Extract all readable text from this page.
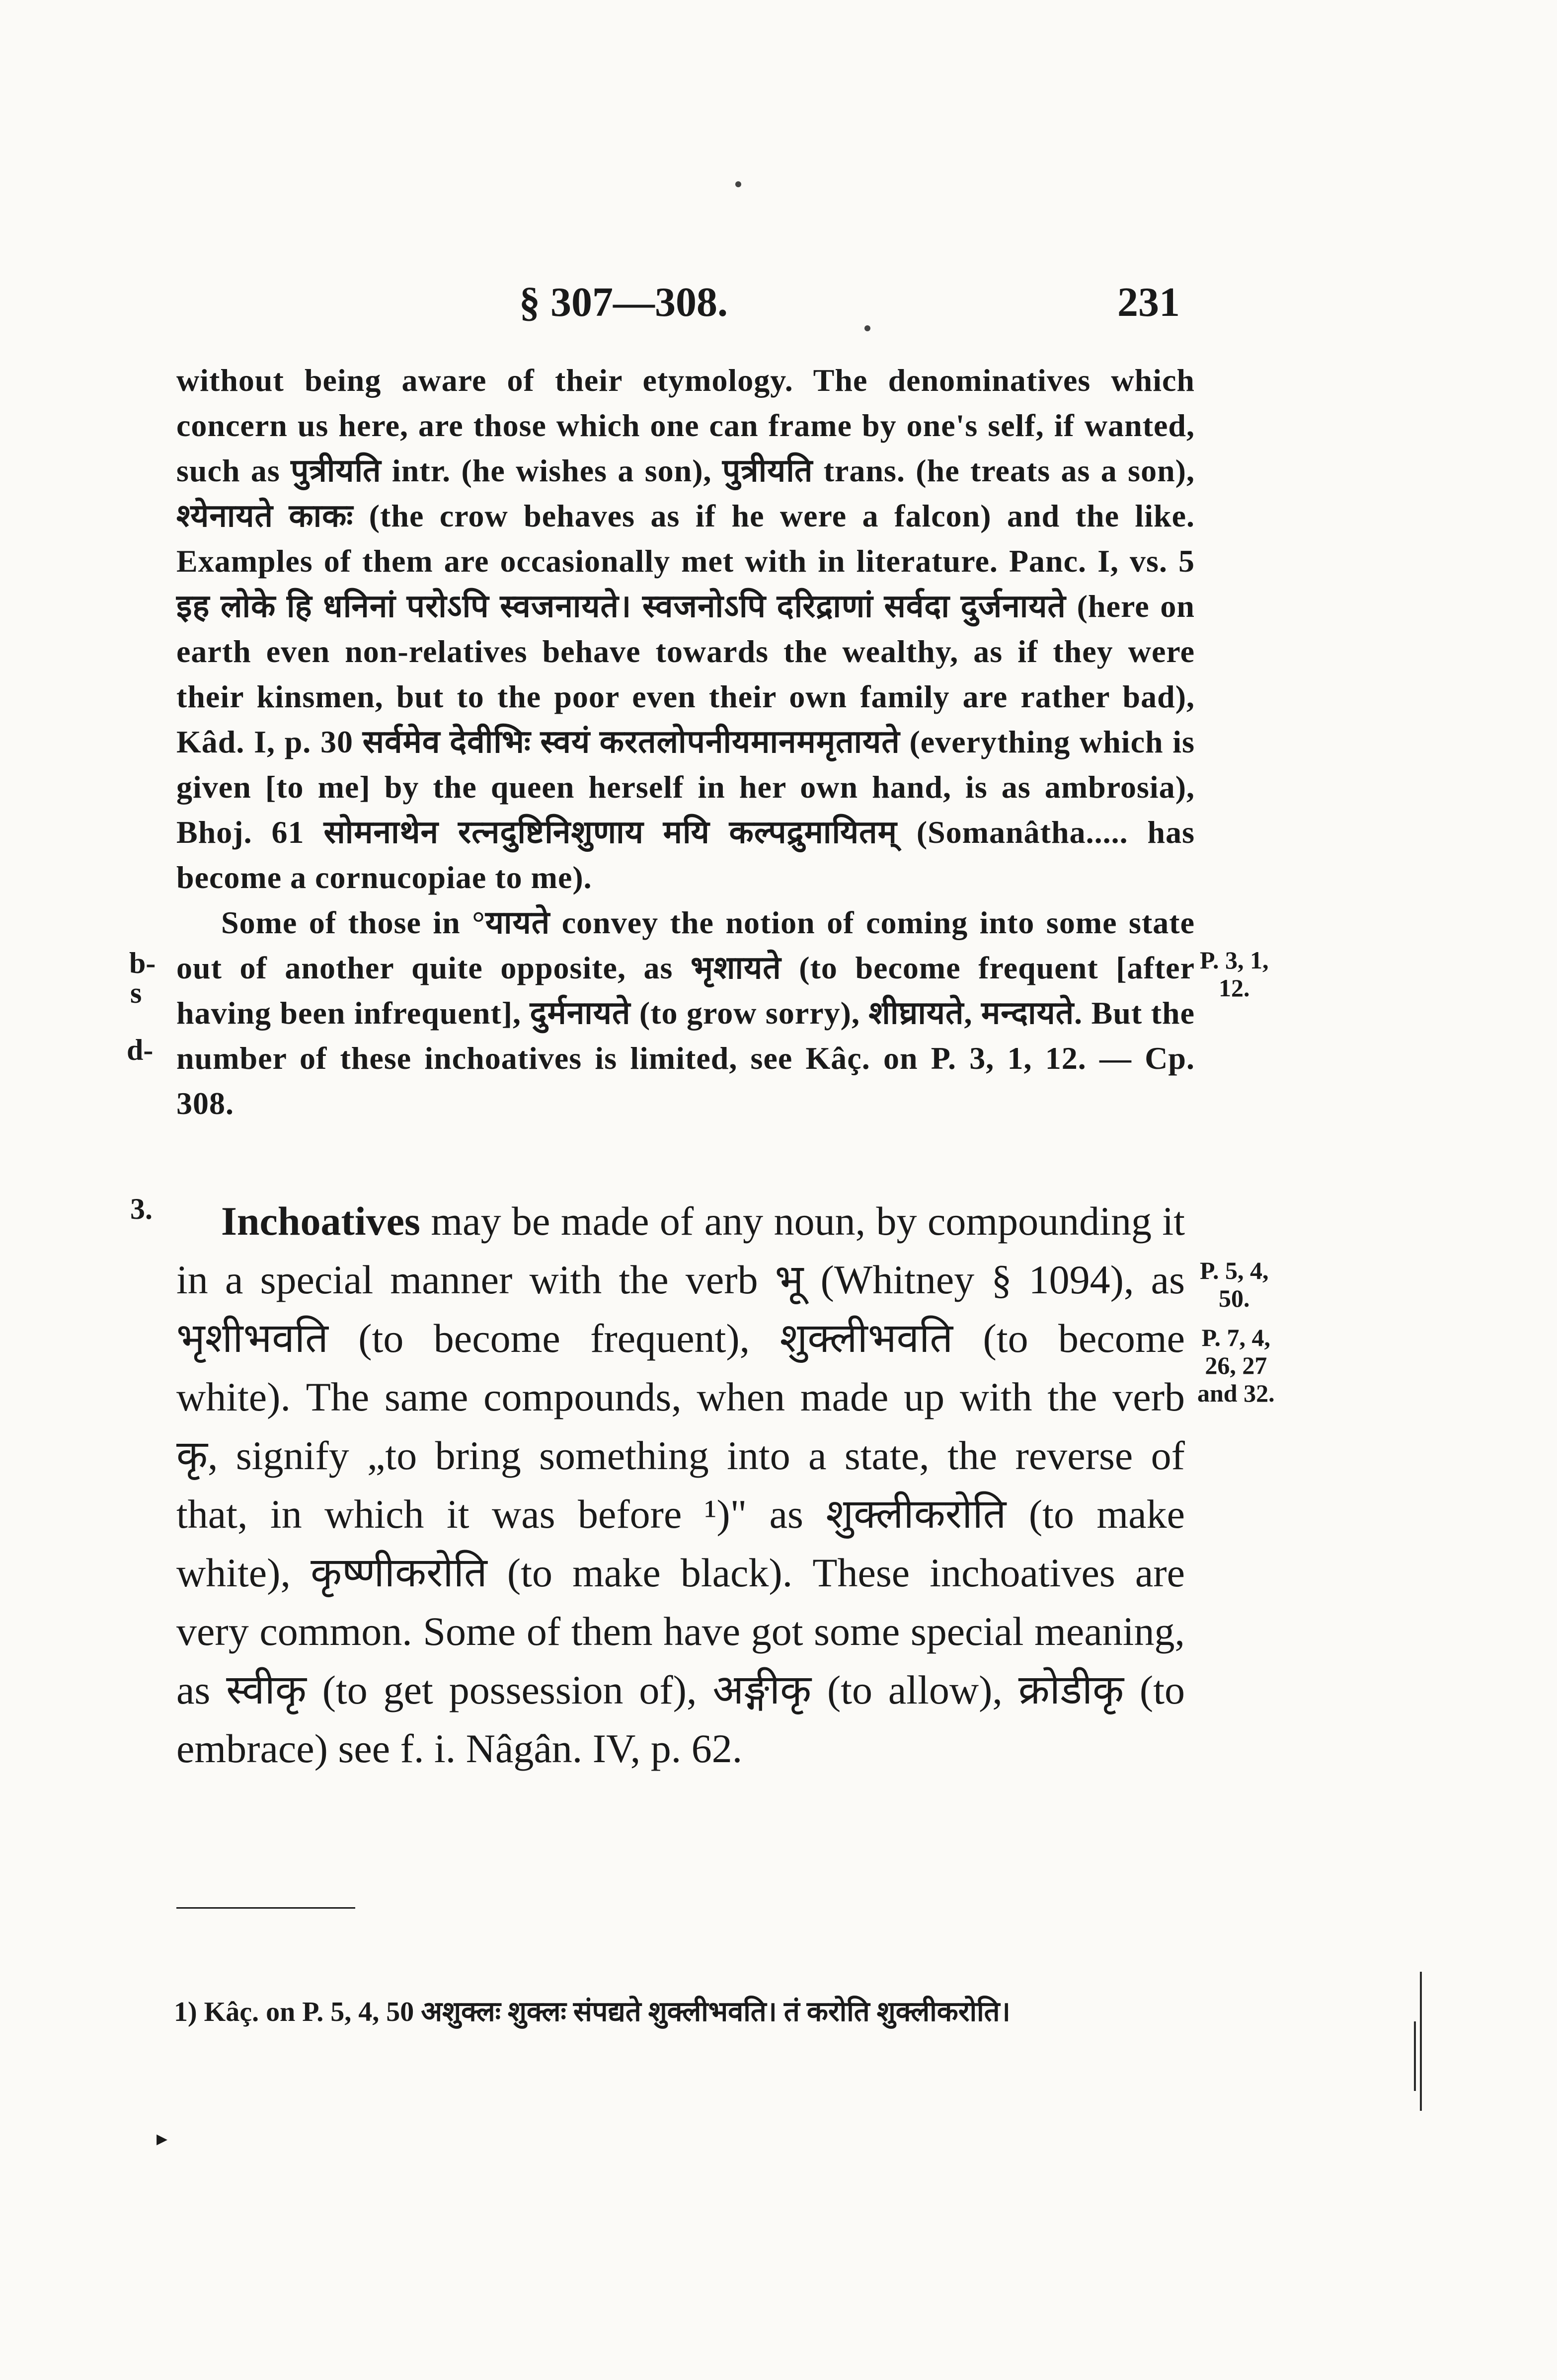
§ 307—308.	231

without being aware of their etymology. The denominatives which concern us here, are those which one can frame by one's self, if wanted, such as पुत्रीयति intr. (he wishes a son), पुत्रीयति trans. (he treats as a son), श्येनायते काकः (the crow behaves as if he were a falcon) and the like. Examples of them are occasionally met with in literature. Panc. I, vs. 5 इह लोके हि धनिनां परोऽपि स्वजनायते। स्वजनोऽपि दरिद्राणां सर्वदा दुर्जनायते (here on earth even non-relatives behave towards the wealthy, as if they were their kinsmen, but to the poor even their own family are rather bad), Kâd. I, p. 30 सर्वमेव देवीभिः स्वयं करतलोपनीयमानममृतायते (everything which is given [to me] by the queen herself in her own hand, is as ambrosia), Bhoj. 61 सोमनाथेन रत्नदुष्टिनिशुणाय मयि कल्पद्रुमायितम् (Somanâtha..... has become a cornucopiae to me).

Some of those in °यायते convey the notion of coming into some state out of another quite opposite, as भृशायते (to become frequent [after having been infrequent], दुर्मनायते (to grow sorry), शीघ्रायते, मन्दायते. But the number of these inchoatives is limited, see Kâç. on P. 3, 1, 12. — Cp. 308.

Inchoatives may be made of any noun, by compounding it in a special manner with the verb भू (Whitney § 1094), as भृशीभवति (to become frequent), शुक्लीभवति (to become white). The same compounds, when made up with the verb कृ, signify „to bring something into a state, the reverse of that, in which it was before ¹)" as शुक्लीकरोति (to make white), कृष्णीकरोति (to make black). These inchoatives are very common. Some of them have got some special meaning, as स्वीकृ (to get possession of), अङ्गीकृ (to allow), क्रोडीकृ (to embrace) see f. i. Nâgân. IV, p. 62.

P. 3, 1,
12.
P. 5, 4,
50.
P. 7, 4,
26, 27
and 32.
b-
s
d-
3.
1) Kâç. on P. 5, 4, 50 अशुक्लः शुक्लः संपद्यते शुक्लीभवति। तं करोति शुक्लीकरोति।
▸
